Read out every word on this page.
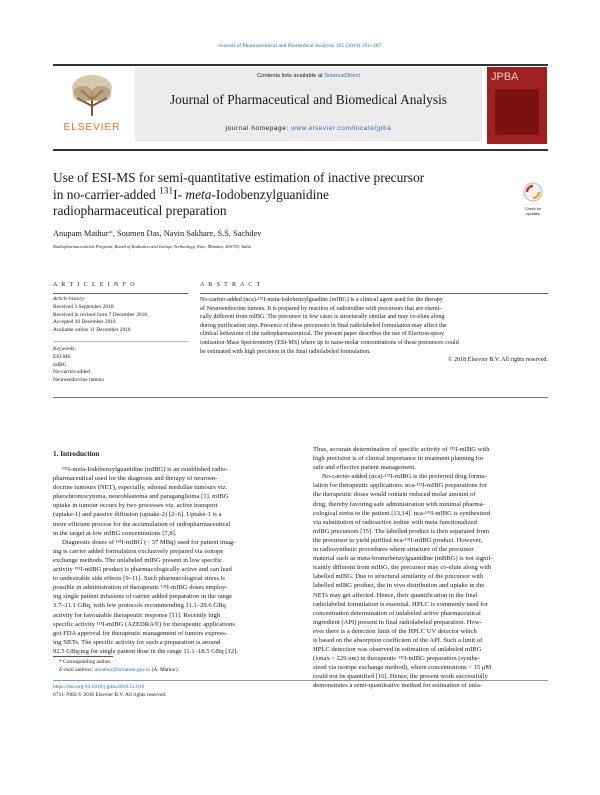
Journal of Pharmaceutical and Biomedical Analysis 165 (2019) 261–267
ELSEVIER
Contents lists available at ScienceDirect
Journal of Pharmaceutical and Biomedical Analysis
journal homepage: www.elsevier.com/locate/jpba
JPBA
Use of ESI-MS for semi-quantitative estimation of inactive precursor
in no-carrier-added $^{131}$I- meta-Iodobenzylguanidine
radiopharmaceutical preparation	Check for updates
Anupam Mathur*, Soumen Das, Navin Sakhare, S.S. Sachdev
Radiopharmaceuticals Program, Board of Radiation and Isotope Technology, Navi, Mumbai, 400703, India
A R T I C L E I N F O	A B S T R A C T
Article history:
Received 3 September 2018
Received in revised form 7 December 2018
Accepted 10 December 2018
Available online 11 December 2018
Keywords:
ESI-MS
mIBG
No-carrier-added
Neuroendocrine tumors
No-carrier-added (nca)-¹³¹I-meta-Iodobenzylguadine (mIBG) is a clinical agent used for the therapy
of Neuroendocrine tumors. It is prepared by reaction of radioiodine with precursors that are chemi-
cally different from mIBG. The precursor in few cases is structurally similar and may co-elute along
during purification step. Presence of these precursors in final radiolabeled formulation may affect the
clinical behaviour of the radiopharmaceutical. The present paper describes the use of Electron-spray
ionization-Mass Spectrometry (ESI-MS) where up to nano-molar concentrations of these precursors could
be estimated with high precision in the final radiolabeled formulation.
© 2018 Elsevier B.V. All rights reserved.
1. Introduction
¹³¹I-meta-Iodobenzylguanidine (mIBG) is an established radio-
pharmaceutical used for the diagnosis and therapy of neuroen-
docrine tumours (NET), especially, adrenal medullae tumours viz.
pheochromocytoma, neuroblastoma and paraganglioma [1]. mIBG
uptake in tumour occurs by two processes viz. active transport
(uptake-1) and passive diffusion (uptake-2) [2–6]. Uptake-1 is a
more efficient process for the accumulation of radiopharmaceutical
in the target at low mIBG concentrations [7,8].
Diagnostic doses of ¹³¹I-mIBG (< 37 MBq) used for patient imag-
ing is carrier added formulation exclusively prepared via isotope
exchange methods. The unlabeled mIBG present in low specific
activity ¹³¹I-mIBG product is pharmacologically active and can lead
to undesirable side effects [9–11]. Such pharmacological stress is
possible in administration of therapeutic ¹³¹I-mIBG doses employ-
ing single patient infusions of carrier added preparation in the range
3.7–11.1 GBq, with few protocols recommending 11.1–29.6 GBq
activity for favourable therapeutic response [11]. Recently high
specific activity ¹³¹I-mIBG (AZEDRA®) for therapeutic applications
got FDA approval for therapeutic management of tumors express-
ing NETs. The specific activity for such a preparation is around
92.5 GBq/mg for single patient dose in the range 11.1–18.5 GBq [12].
Thus, accurate determination of specific activity of ¹³¹I-mIBG with
high precision is of clinical importance in treatment planning for
safe and effective patient management.
No-carrier-added (nca)-¹³¹I-mIBG is the preferred drug formu-
lation for therapeutic applications. nca-¹³¹I-mIBG preparations for
the therapeutic doses would contain reduced molar amount of
drug, thereby favoring safe administration with minimal pharma-
cological stress to the patient [13,14]. nca-¹³¹I-mIBG is synthesized
via substitution of radioactive iodine with meta functionalized
mIBG precursors [15]. The labelled product is then separated from
the precursor to yield purified nca-¹³¹I-mIBG product. However,
in radiosynthetic procedures where structure of the precursor
material such as meta-bromobenzylguanidine (mBBG) is not signif-
icantly different from mIBG, the precursor may co-elute along with
labelled mIBG. Due to structural similarity of the precursor with
labelled mIBG product, the in vivo distribution and uptake in the
NETs may get affected. Hence, their quantification in the final
radiolabeled formulation is essential. HPLC is commonly used for
concentration determination of unlabeled active pharmaceutical
ingredient (API) present in final radiolabeled preparation. How-
ever there is a detection limit of the HPLC UV detector which
is based on the absorption coefficient of the API. Such a limit of
HPLC detection was observed in estimation of unlabeled mIBG
(λmax ~ 229 nm) in therapeutic ¹³¹I-mIBG preparation (synthe-
sized via isotope exchange method), where concentrations < 15 μM
could not be quantified [16]. Hence, the present work successfully
demonstrates a semi-quantitative method for estimation of unla-
* Corresponding author.
E-mail address: amathur@britatom.gov.in (A. Mathur).
https://doi.org/10.1016/j.jpba.2018.12.016
0731-7085/© 2018 Elsevier B.V. All rights reserved.
